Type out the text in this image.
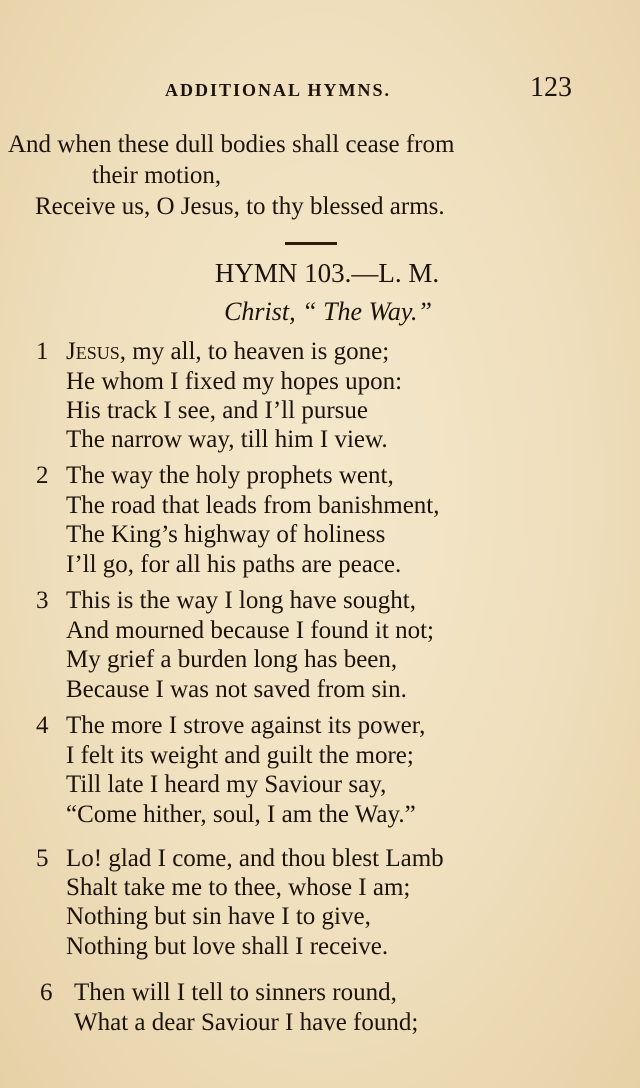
ADDITIONAL HYMNS.	123
And when these dull bodies shall cease from
their motion,
Receive us, O Jesus, to thy blessed arms.
HYMN 103.—L. M.
Christ, “ The Way.”
1 Jesus, my all, to heaven is gone;
He whom I fixed my hopes upon:
His track I see, and I’ll pursue
The narrow way, till him I view.
2 The way the holy prophets went,
The road that leads from banishment,
The King’s highway of holiness
I’ll go, for all his paths are peace.
3 This is the way I long have sought,
And mourned because I found it not;
My grief a burden long has been,
Because I was not saved from sin.
4 The more I strove against its power,
I felt its weight and guilt the more;
Till late I heard my Saviour say,
“Come hither, soul, I am the Way.”
5 Lo! glad I come, and thou blest Lamb
Shalt take me to thee, whose I am;
Nothing but sin have I to give,
Nothing but love shall I receive.
6 Then will I tell to sinners round,
What a dear Saviour I have found;
